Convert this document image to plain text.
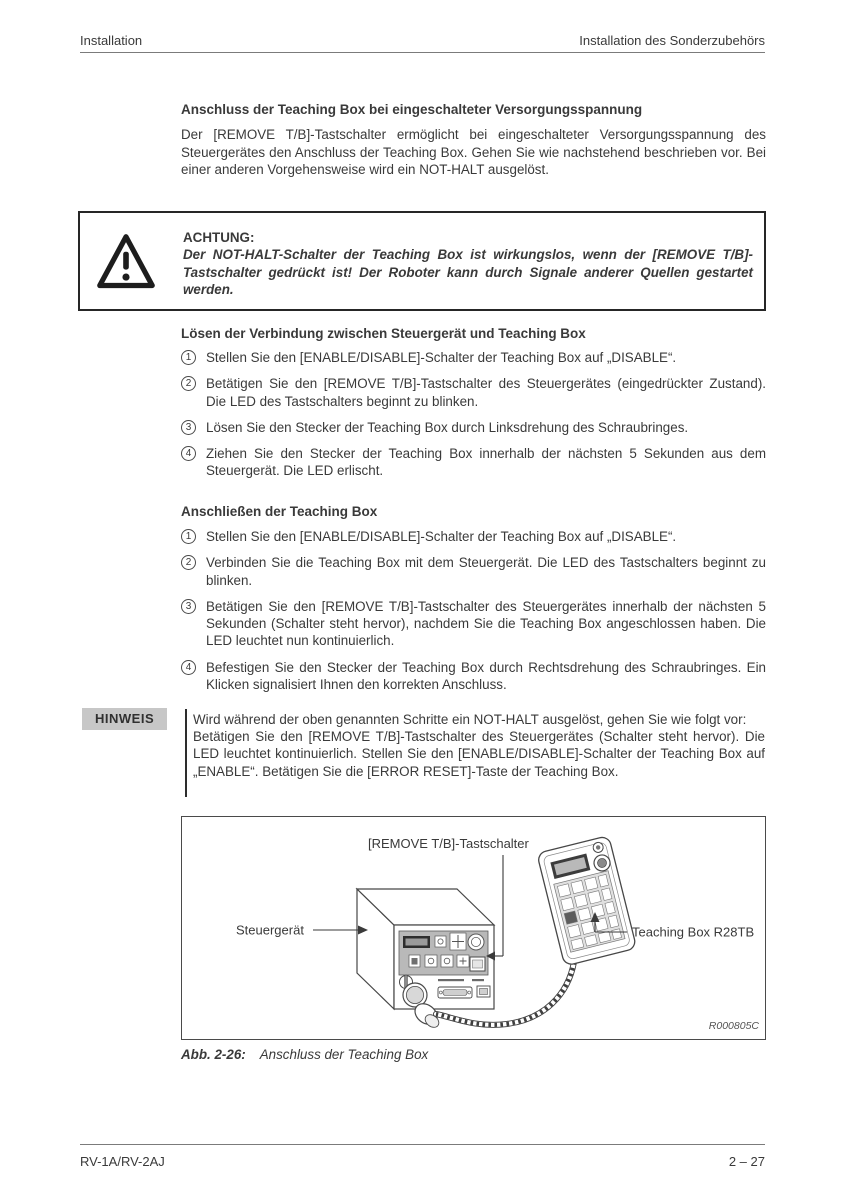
Installation	Installation des Sonderzubehörs
Anschluss der Teaching Box bei eingeschalteter Versorgungsspannung
Der [REMOVE T/B]-Tastschalter ermöglicht bei eingeschalteter Versorgungsspannung des Steuergerätes den Anschluss der Teaching Box. Gehen Sie wie nachstehend beschrieben vor. Bei einer anderen Vorgehensweise wird ein NOT-HALT ausgelöst.
ACHTUNG:
Der NOT-HALT-Schalter der Teaching Box ist wirkungslos, wenn der [REMOVE T/B]-Tastschalter gedrückt ist! Der Roboter kann durch Signale anderer Quellen gestartet werden.
Lösen der Verbindung zwischen Steuergerät und Teaching Box
1	Stellen Sie den [ENABLE/DISABLE]-Schalter der Teaching Box auf „DISABLE“.
2	Betätigen Sie den [REMOVE T/B]-Tastschalter des Steuergerätes (eingedrückter Zustand). Die LED des Tastschalters beginnt zu blinken.
3	Lösen Sie den Stecker der Teaching Box durch Linksdrehung des Schraubringes.
4	Ziehen Sie den Stecker der Teaching Box innerhalb der nächsten 5 Sekunden aus dem Steuergerät. Die LED erlischt.
Anschließen der Teaching Box
1	Stellen Sie den [ENABLE/DISABLE]-Schalter der Teaching Box auf „DISABLE“.
2	Verbinden Sie die Teaching Box mit dem Steuergerät. Die LED des Tastschalters beginnt zu blinken.
3	Betätigen Sie den [REMOVE T/B]-Tastschalter des Steuergerätes innerhalb der nächsten 5 Sekunden (Schalter steht hervor), nachdem Sie die Teaching Box angeschlossen haben. Die LED leuchtet nun kontinuierlich.
4	Befestigen Sie den Stecker der Teaching Box durch Rechtsdrehung des Schraubringes. Ein Klicken signalisiert Ihnen den korrekten Anschluss.
HINWEIS	Wird während der oben genannten Schritte ein NOT-HALT ausgelöst, gehen Sie wie folgt vor:

Betätigen Sie den [REMOVE T/B]-Tastschalter des Steuergerätes (Schalter steht hervor). Die LED leuchtet kontinuierlich. Stellen Sie den [ENABLE/DISABLE]-Schalter der Teaching Box auf „ENABLE“. Betätigen Sie die [ERROR RESET]-Taste der Teaching Box.

[REMOVE T/B]-Tastschalter
Steuergerät	Teaching Box R28TB
R000805C
Abb. 2-26: Anschluss der Teaching Box
RV-1A/RV-2AJ	2 – 27
